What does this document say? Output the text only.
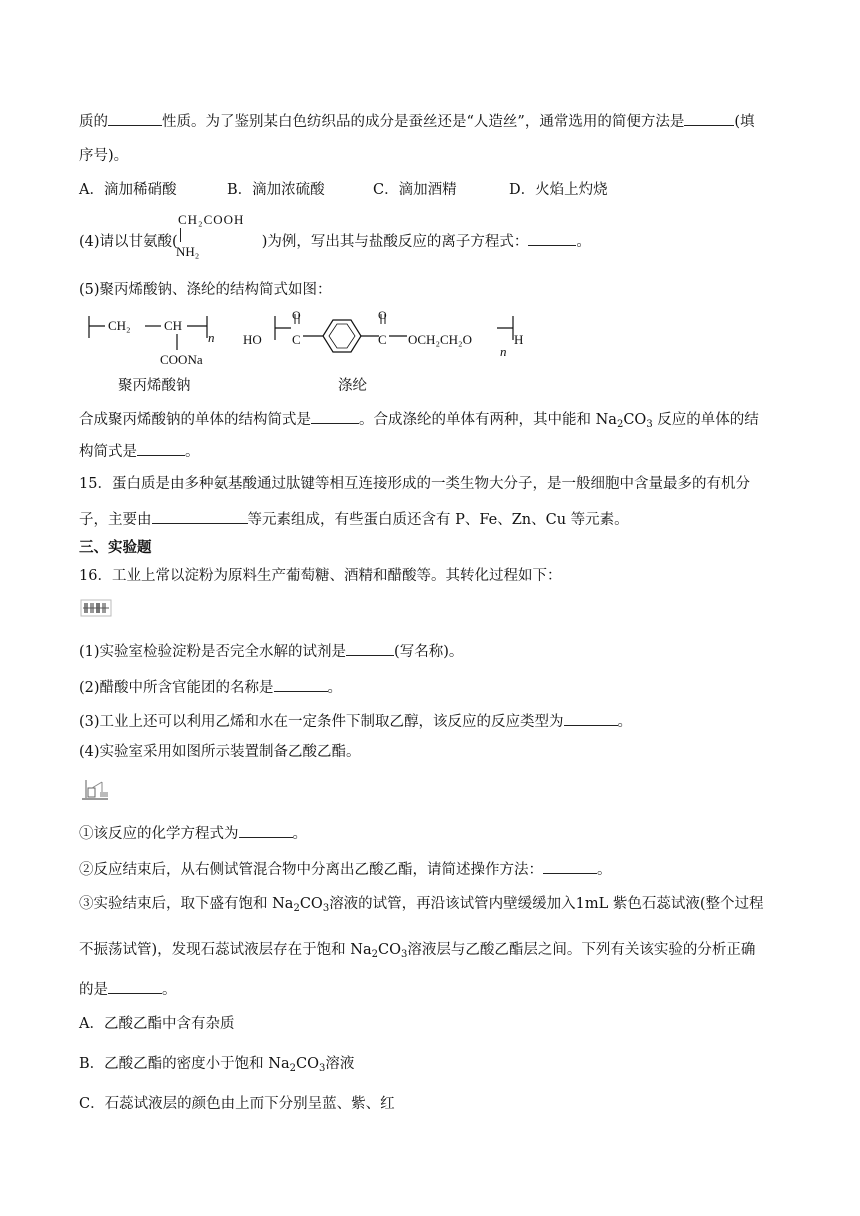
质的	性质。为了鉴别某白色纺织品的成分是蚕丝还是“人造丝”，通常选用的简便方法是	(填
序号)。
A．滴加稀硝酸	B．滴加浓硫酸	C．滴加酒精	D．火焰上灼烧
CH₂COOH
NH₂
(4)请以甘氨酸(	)为例，写出其与盐酸反应的离子方程式：	。
(5)聚丙烯酸钠、涤纶的结构简式如图：
CH₂	CH
n
COONa
聚丙烯酸钠
HO C
O
C
O
OCH₂CH₂O
n
H
涤纶
合成聚丙烯酸钠的单体的结构简式是	。合成涤纶的单体有两种，其中能和 $Na_2CO_3$ 反应的单体的结
构简式是	。
15．蛋白质是由多种氨基酸通过肽键等相互连接形成的一类生物大分子，是一般细胞中含量最多的有机分
子，主要由	等元素组成，有些蛋白质还含有 P、Fe、Zn、Cu 等元素。
三、实验题
16．工业上常以淀粉为原料生产葡萄糖、酒精和醋酸等。其转化过程如下：
(1)实验室检验淀粉是否完全水解的试剂是	(写名称)。
(2)醋酸中所含官能团的名称是	。
(3)工业上还可以利用乙烯和水在一定条件下制取乙醇，该反应的反应类型为	。
(4)实验室采用如图所示装置制备乙酸乙酯。
①该反应的化学方程式为	。
②反应结束后，从右侧试管混合物中分离出乙酸乙酯，请简述操作方法：	。
③实验结束后，取下盛有饱和 $Na_2CO_3$溶液的试管，再沿该试管内壁缓缓加入1mL 紫色石蕊试液(整个过程
不振荡试管)，发现石蕊试液层存在于饱和 $Na_2CO_3$溶液层与乙酸乙酯层之间。下列有关该实验的分析正确
的是	。
A．乙酸乙酯中含有杂质
B．乙酸乙酯的密度小于饱和 $Na_2CO_3$溶液
C．石蕊试液层的颜色由上而下分别呈蓝、紫、红
